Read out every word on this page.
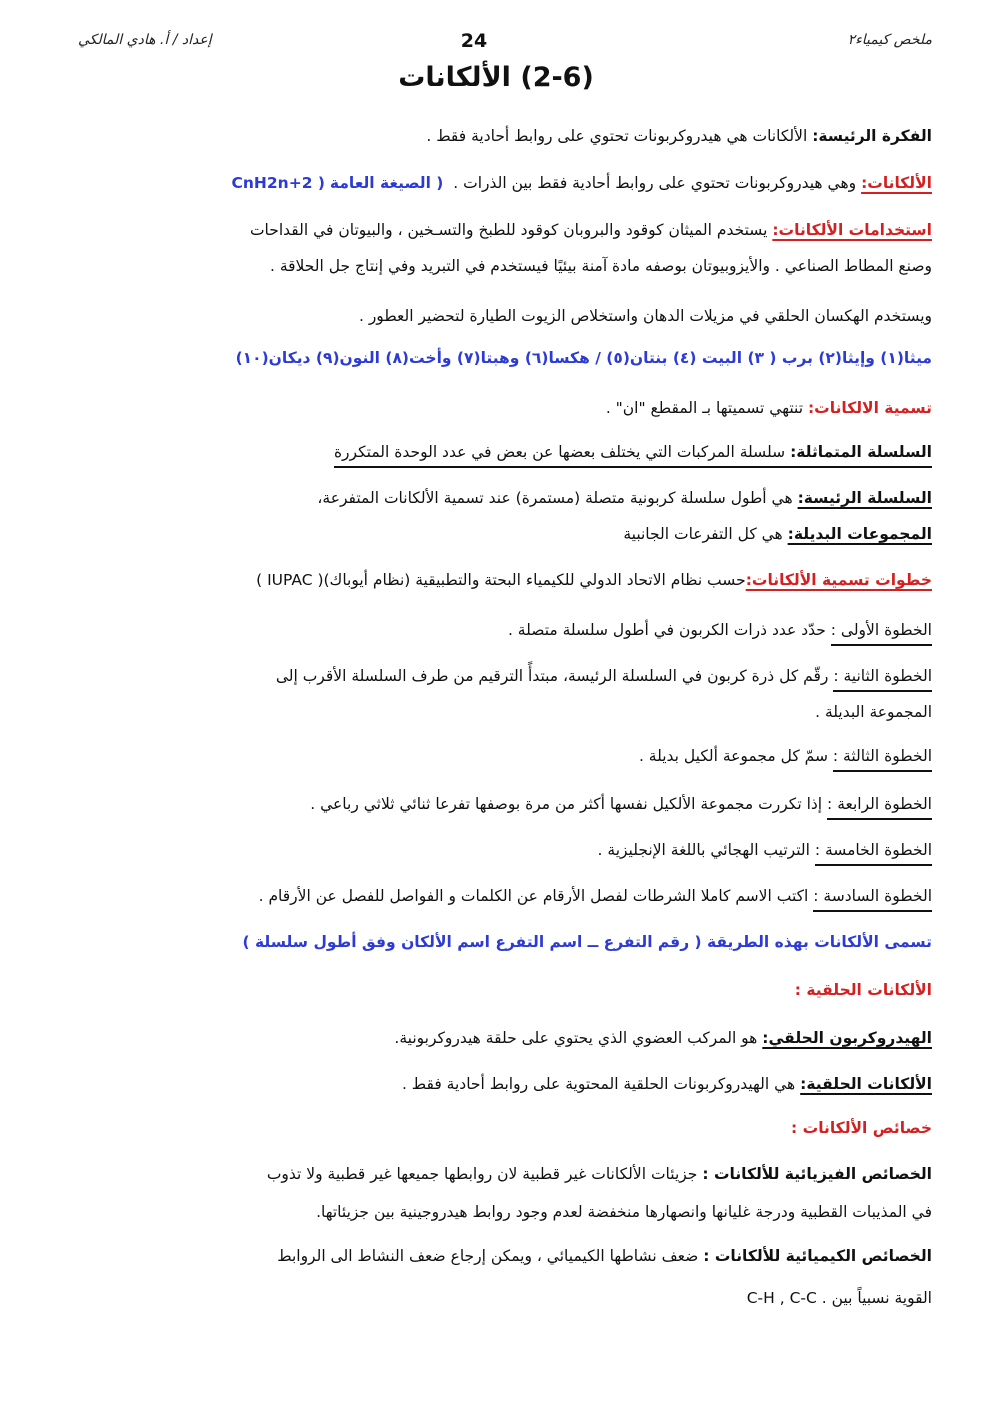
ملخص كيمياء٢
24
إعداد / أ. هادي المالكي
(2-6) الألكانات
الفكرة الرئيسة: الألكانات هي هيدروكربونات تحتوي على روابط أحادية فقط .
الألكانات: وهي هيدروكربونات تحتوي على روابط أحادية فقط بين الذرات .  ( الصيغة العامة CnH2n+2 )
استخدامات الألكانات: يستخدم الميثان كوقود والبروبان كوقود للطبخ والتسـخين ، والبيوتان في القداحات
وصنع المطاط الصناعي . والأيزوبيوتان بوصفه مادة آمنة بيئيًا فيستخدم في التبريد وفي إنتاج جل الحلاقة .
ويستخدم الهكسان الحلقي في مزيلات الدهان واستخلاص الزيوت الطيارة لتحضير العطور .
ميثا(١) وإيثا(٢) برب ( ٣) البيت (٤) بنتان(٥) / هكسا(٦) وهبتا(٧) وأخت(٨) النون(٩) ديكان(١٠)
تسمية الالكانات: تنتهي تسميتها بـ المقطع "ان" .
السلسلة المتماثلة: سلسلة المركبات التي يختلف بعضها عن بعض في عدد الوحدة المتكررة
السلسلة الرئيسة: هي أطول سلسلة كربونية متصلة (مستمرة) عند تسمية الألكانات المتفرعة،
المجموعات البديلة: هي كل التفرعات الجانبية
خطوات تسمية الألكانات:حسب نظام الاتحاد الدولي للكيمياء البحتة والتطبيقية (نظام أيوباك)( IUPAC )
الخطوة الأولى : حدّد عدد ذرات الكربون في أطول سلسلة متصلة .
الخطوة الثانية : رقّم كل ذرة كربون في السلسلة الرئيسة، مبتدأً الترقيم من طرف السلسلة الأقرب إلى
المجموعة البديلة .
الخطوة الثالثة : سمّ كل مجموعة ألكيل بديلة .
الخطوة الرابعة : إذا تكررت مجموعة الألكيل نفسها أكثر من مرة بوصفها تفرعا ثنائي ثلاثي رباعي .
الخطوة الخامسة : الترتيب الهجائي باللغة الإنجليزية .
الخطوة السادسة : اكتب الاسم كاملا الشرطات لفصل الأرقام عن الكلمات و الفواصل للفصل عن الأرقام .
تسمى الألكانات بهذه الطريقة ( رقم التفرع ــ اسم التفرع اسم الألكان وفق أطول سلسلة )
الألكانات الحلقية :
الهيدروكربون الحلقي: هو المركب العضوي الذي يحتوي على حلقة هيدروكربونية.
الألكانات الحلقية: هي الهيدروكربونات الحلقية المحتوية على روابط أحادية فقط .
خصائص الألكانات :
الخصائص الفيزيائية للألكانات : جزيئات الألكانات غير قطبية لان روابطها جميعها غير قطبية ولا تذوب
في المذيبات القطبية ودرجة غليانها وانصهارها منخفضة لعدم وجود روابط هيدروجينية بين جزيئاتها.
الخصائص الكيميائية للألكانات : ضعف نشاطها الكيميائي ، ويمكن إرجاع ضعف النشاط الى الروابط
القوية نسبياً بين C-H , C-C .
